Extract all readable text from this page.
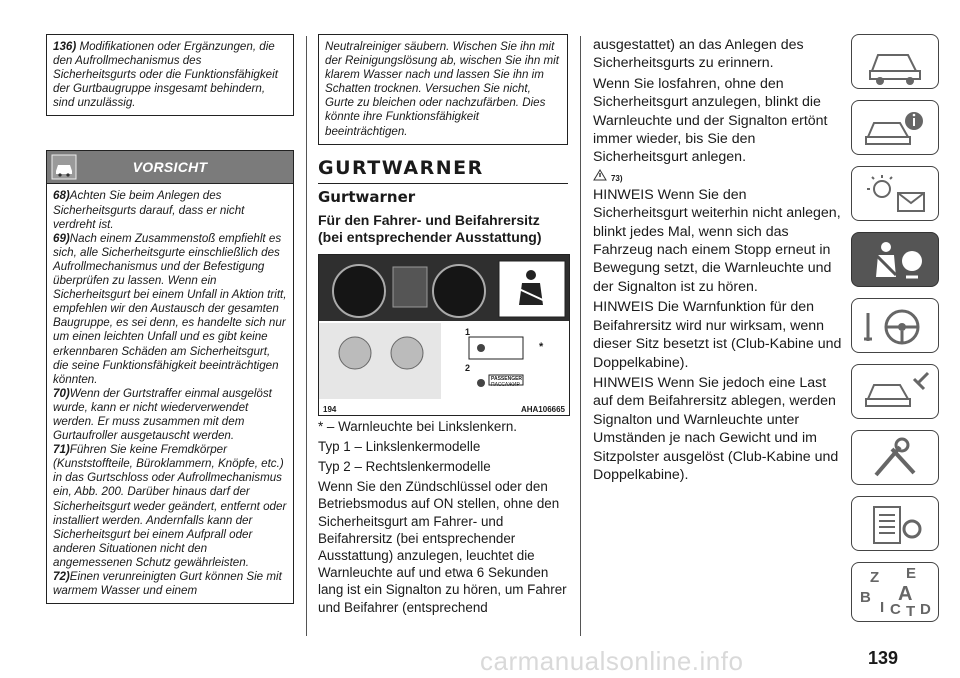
136) Modifikationen oder Ergänzungen, die den Aufrollmechanismus des Sicherheitsgurts oder die Funktionsfähigkeit der Gurtbaugruppe insgesamt behindern, sind unzulässig.

VORSICHT

68)Achten Sie beim Anlegen des Sicherheitsgurts darauf, dass er nicht verdreht ist.

69)Nach einem Zusammenstoß empfiehlt es sich, alle Sicherheitsgurte einschließlich des Aufrollmechanismus und der Befestigung überprüfen zu lassen. Wenn ein Sicherheitsgurt bei einem Unfall in Aktion tritt, empfehlen wir den Austausch der gesamten Baugruppe, es sei denn, es handelte sich nur um einen leichten Unfall und es gibt keine erkennbaren Schäden am Sicherheitsgurt, die seine Funktionsfähigkeit beeinträchtigen könnten.

70)Wenn der Gurtstraffer einmal ausgelöst wurde, kann er nicht wiederverwendet werden. Er muss zusammen mit dem Gurtaufroller ausgetauscht werden.

71)Führen Sie keine Fremdkörper (Kunststoffteile, Büroklammern, Knöpfe, etc.) in das Gurtschloss oder Aufrollmechanismus ein, Abb. 200. Darüber hinaus darf der Sicherheitsgurt weder geändert, entfernt oder installiert werden. Andernfalls kann der Sicherheitsgurt bei einem Aufprall oder anderen Situationen nicht den angemessenen Schutz gewährleisten.

72)Einen verunreinigten Gurt können Sie mit warmem Wasser und einem

Neutralreiniger säubern. Wischen Sie ihn mit der Reinigungslösung ab, wischen Sie ihn mit klarem Wasser nach und lassen Sie ihn im Schatten trocknen. Versuchen Sie nicht, Gurte zu bleichen oder nachzufärben. Dies könnte ihre Funktionsfähigkeit beeinträchtigen.

GURTWARNER
Gurtwarner
Für den Fahrer- und Beifahrersitz (bei entsprechender Ausstattung)
1
2
*
PASSENGER
ПАССАЖИР
194	AHA106665

* – Warnleuchte bei Linkslenkern.

Typ 1 – Linkslenkermodelle

Typ 2 – Rechtslenkermodelle

Wenn Sie den Zündschlüssel oder den Betriebsmodus auf ON stellen, ohne den Sicherheitsgurt am Fahrer- und Beifahrersitz (bei entsprechender Ausstattung) anzulegen, leuchtet die Warnleuchte auf und etwa 6 Sekunden lang ist ein Signalton zu hören, um Fahrer und Beifahrer (entsprechend

ausgestattet) an das Anlegen des Sicherheitsgurts zu erinnern.

Wenn Sie losfahren, ohne den Sicherheitsgurt anzulegen, blinkt die Warnleuchte und der Signalton ertönt immer wieder, bis Sie den Sicherheitsgurt anlegen.

73)

HINWEIS Wenn Sie den Sicherheitsgurt weiterhin nicht anlegen, blinkt jedes Mal, wenn sich das Fahrzeug nach einem Stopp erneut in Bewegung setzt, die Warnleuchte und der Signalton ist zu hören.

HINWEIS Die Warnfunktion für den Beifahrersitz wird nur wirksam, wenn dieser Sitz besetzt ist (Club-Kabine und Doppelkabine).

HINWEIS Wenn Sie jedoch eine Last auf dem Beifahrersitz ablegen, werden Signalton und Warnleuchte unter Umständen je nach Gewicht und im Sitzpolster ausgelöst (Club-Kabine und Doppelkabine).

Z E
B A
I C T D
carmanualsonline.info	139
